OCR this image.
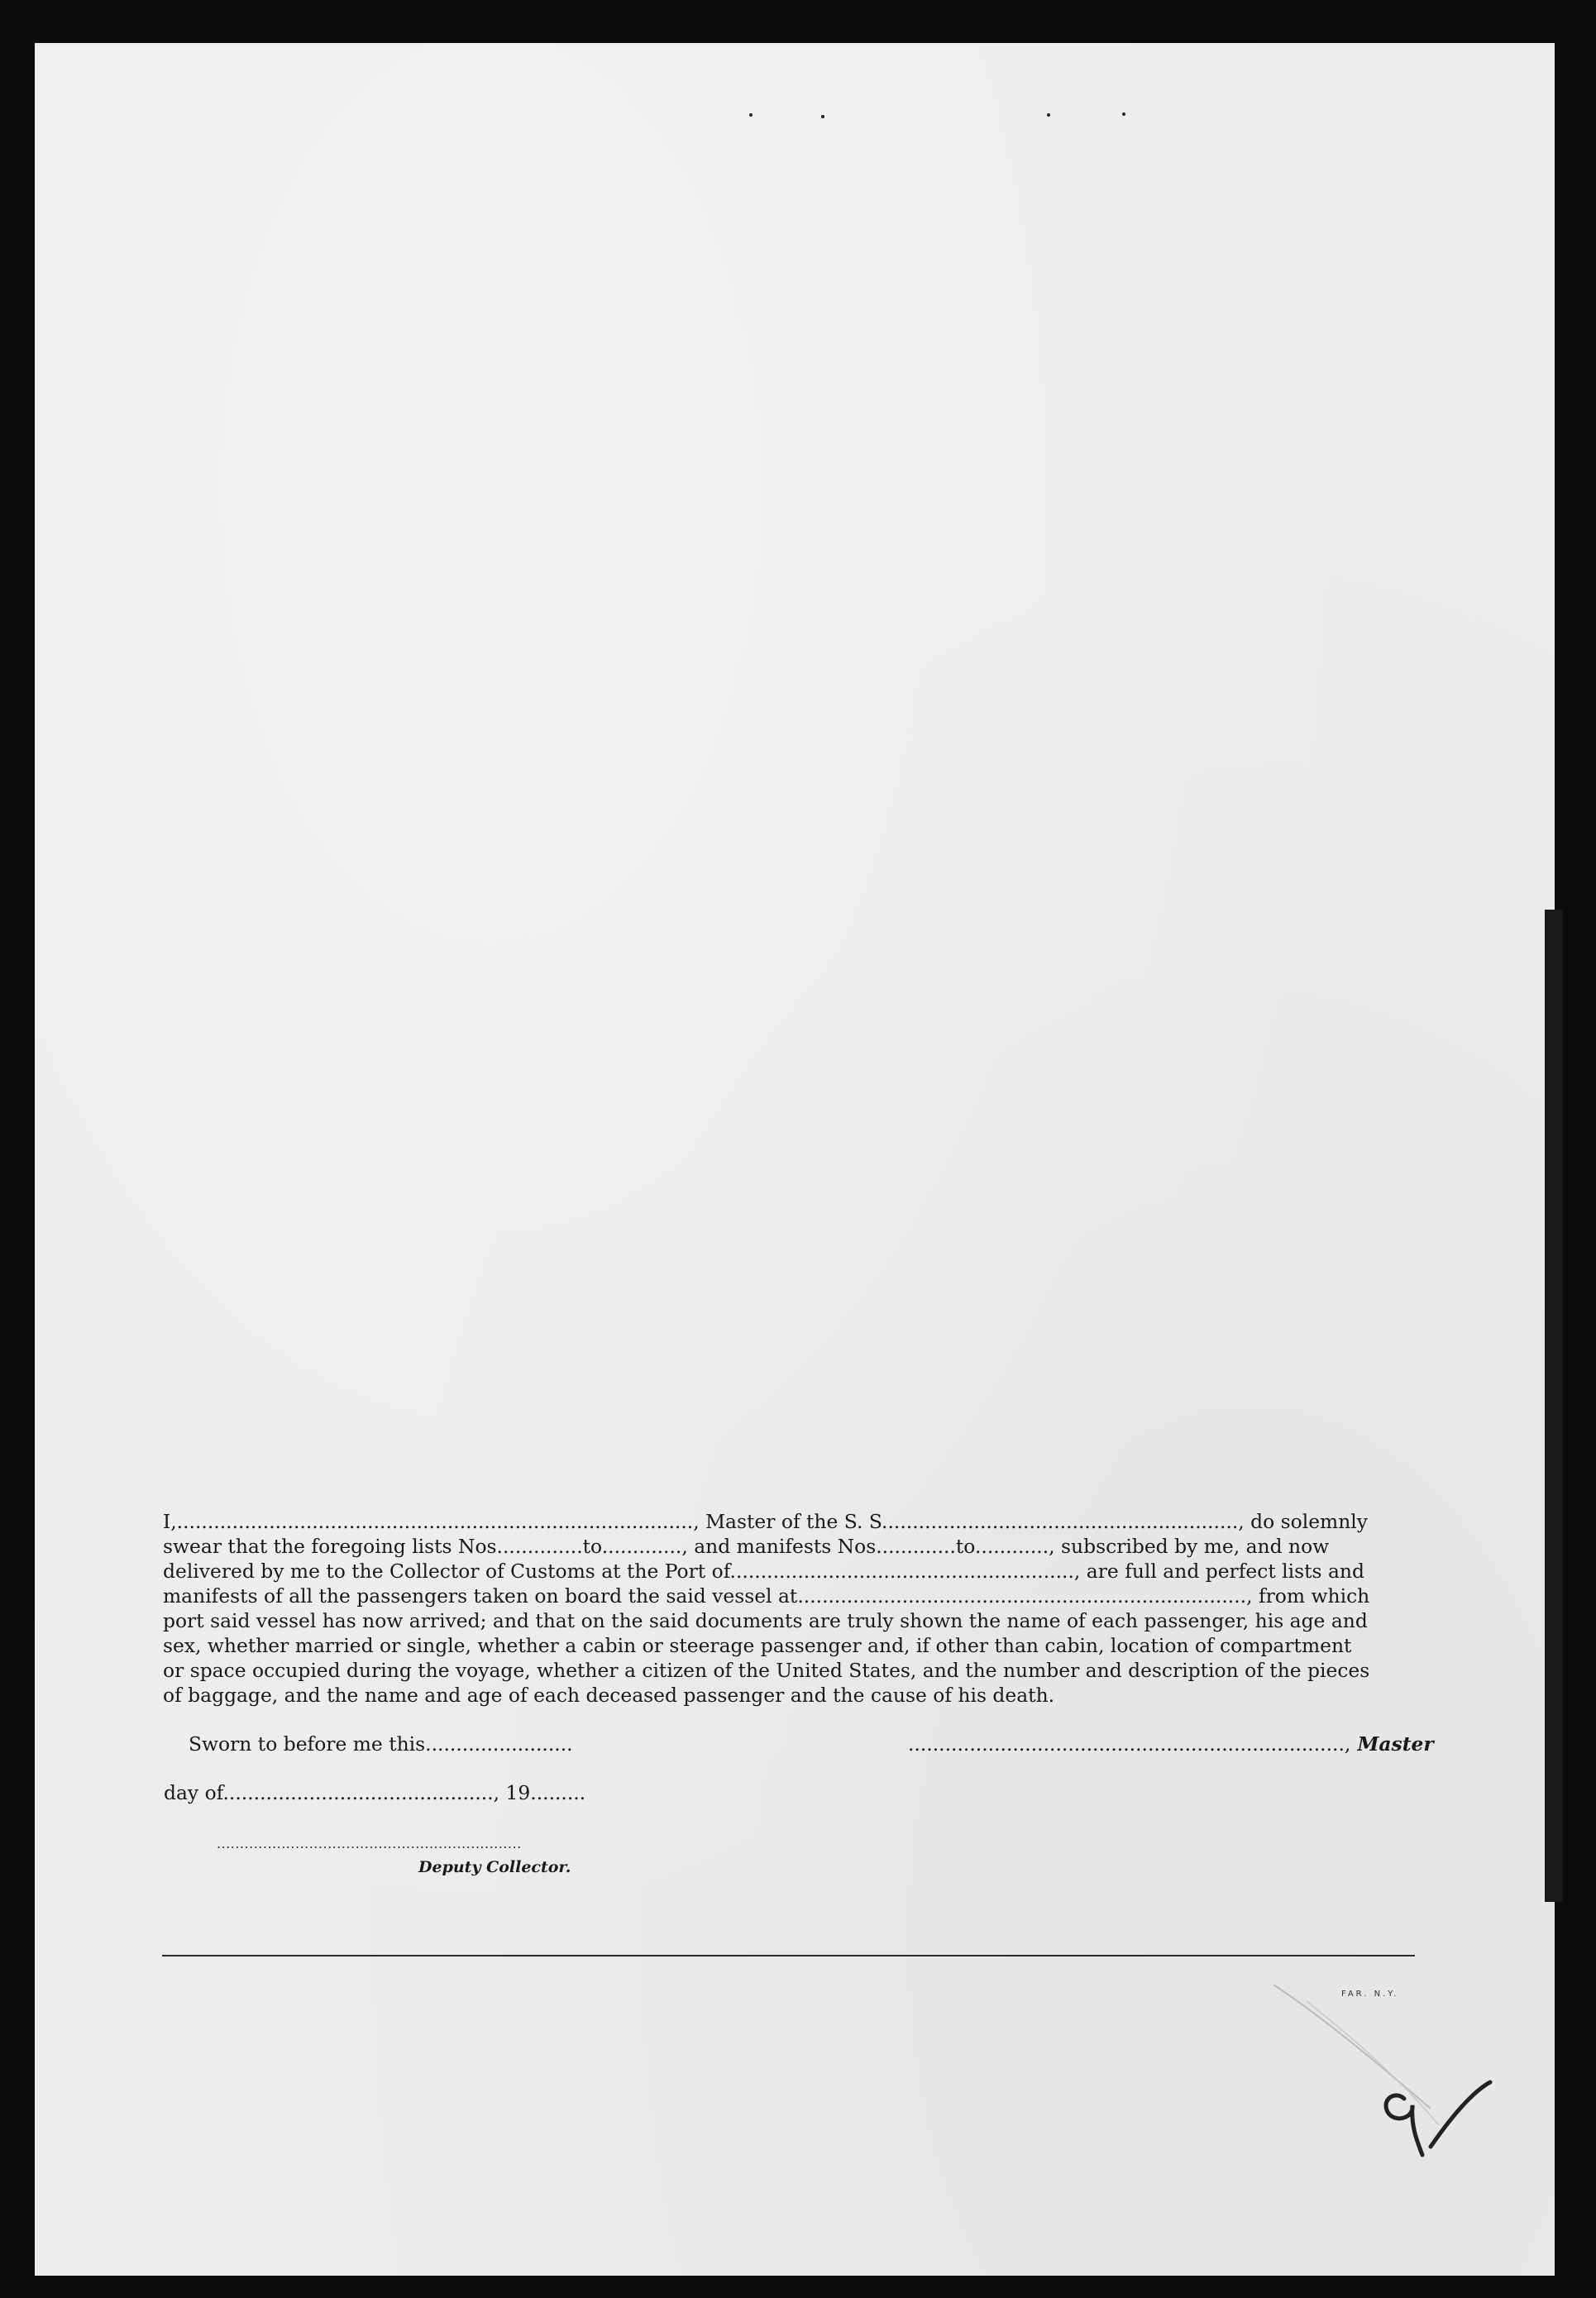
I,...................................................................................., Master of the S. S.........................................................., do solemnly

swear that the foregoing lists Nos..............to............., and manifests Nos.............to............, subscribed by me, and now

delivered by me to the Collector of Customs at the Port of........................................................, are full and perfect lists and

manifests of all the passengers taken on board the said vessel at........................................................................., from which

port said vessel has now arrived; and that on the said documents are truly shown the name of each passenger, his age and

sex, whether married or single, whether a cabin or steerage passenger and, if other than cabin, location of compartment

or space occupied during the voyage, whether a citizen of the United States, and the number and description of the pieces

of baggage, and the name and age of each deceased passenger and the cause of his death.

Sworn to before me this........................	......................................................................., Master
day of............................................, 19.........
..................................................................
Deputy Collector.
FAR. N.Y.
